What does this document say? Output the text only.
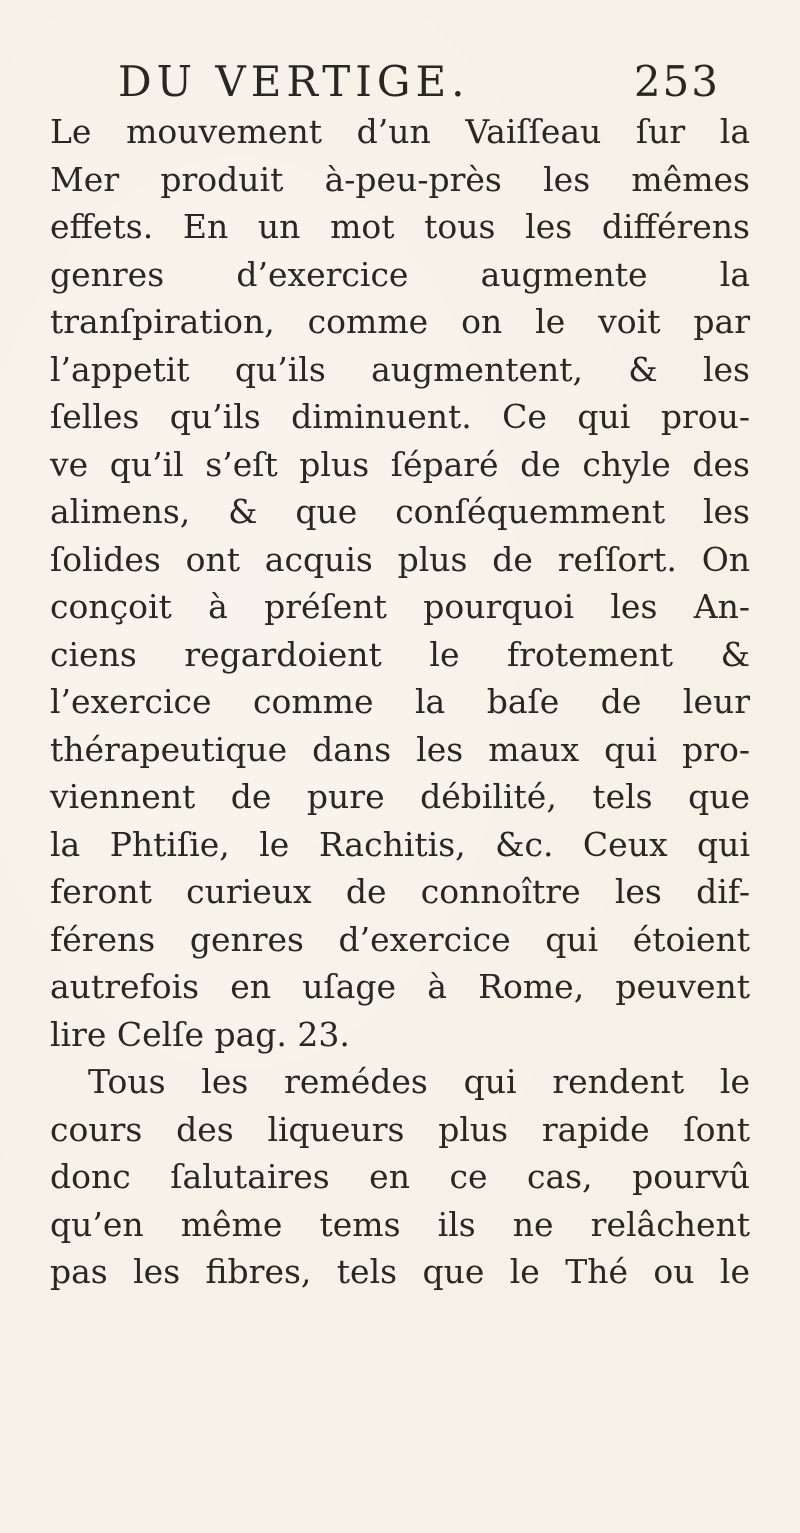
DU VERTIGE.	253
Le mouvement d’un Vaiſſeau ſur la
Mer produit à-peu-près les mêmes
effets. En un mot tous les différens
genres d’exercice augmente la
tranſpiration, comme on le voit par
l’appetit qu’ils augmentent, & les
ſelles qu’ils diminuent. Ce qui prou-
ve qu’il s’eſt plus ſéparé de chyle des
alimens, & que conſéquemment les
ſolides ont acquis plus de reſſort. On
conçoit à préſent pourquoi les An-
ciens regardoient le frotement &
l’exercice comme la baſe de leur
thérapeutique dans les maux qui pro-
viennent de pure débilité, tels que
la Phtiſie, le Rachitis, &c. Ceux qui
feront curieux de connoître les dif-
férens genres d’exercice qui étoient
autrefois en uſage à Rome, peuvent
lire Celſe pag. 23.
Tous les remédes qui rendent le
cours des liqueurs plus rapide ſont
donc ſalutaires en ce cas, pourvû
qu’en même tems ils ne relâchent
pas les fibres, tels que le Thé ou le
